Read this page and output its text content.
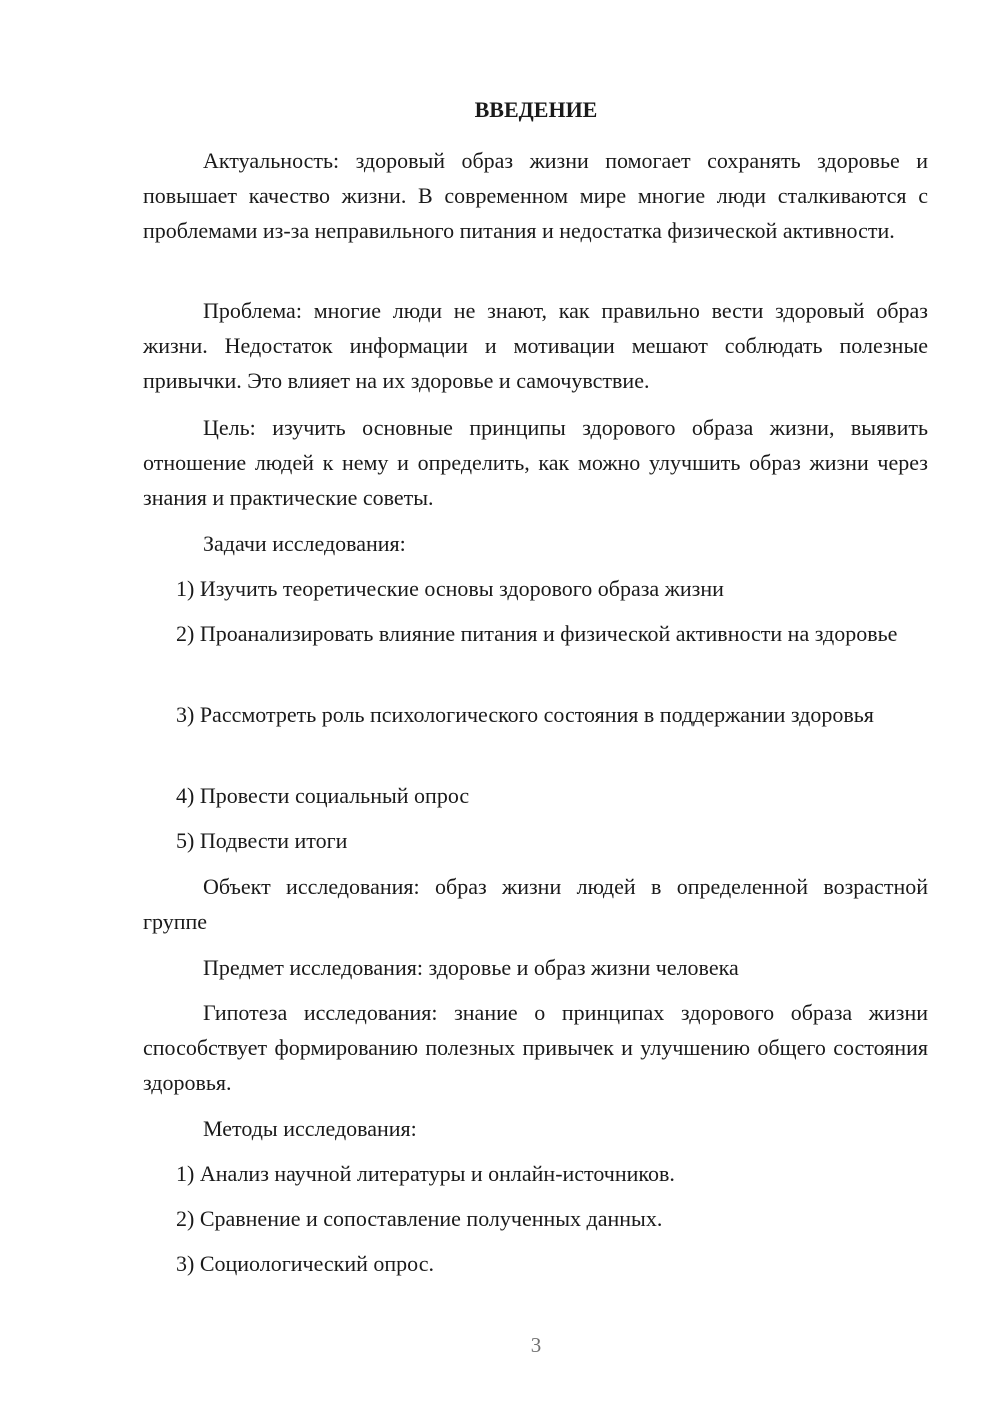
ВВЕДЕНИЕ

Актуальность: здоровый образ жизни помогает сохранять здоровье и повышает качество жизни. В современном мире многие люди сталкиваются с проблемами из-за неправильного питания и недостатка физической активности.

Проблема: многие люди не знают, как правильно вести здоровый образ жизни. Недостаток информации и мотивации мешают соблюдать полезные привычки. Это влияет на их здоровье и самочувствие.

Цель: изучить основные принципы здорового образа жизни, выявить отношение людей к нему и определить, как можно улучшить образ жизни через знания и практические советы.

Задачи исследования:

1) Изучить теоретические основы здорового образа жизни

2) Проанализировать влияние питания и физической активности на здоровье

3) Рассмотреть роль психологического состояния в поддержании здоровья

4) Провести социальный опрос

5) Подвести итоги

Объект исследования: образ жизни людей в определенной возрастной группе

Предмет исследования: здоровье и образ жизни человека

Гипотеза исследования: знание о принципах здорового образа жизни способствует формированию полезных привычек и улучшению общего состояния здоровья.

Методы исследования:

1) Анализ научной литературы и онлайн-источников.

2) Сравнение и сопоставление полученных данных.

3) Социологический опрос.

3
